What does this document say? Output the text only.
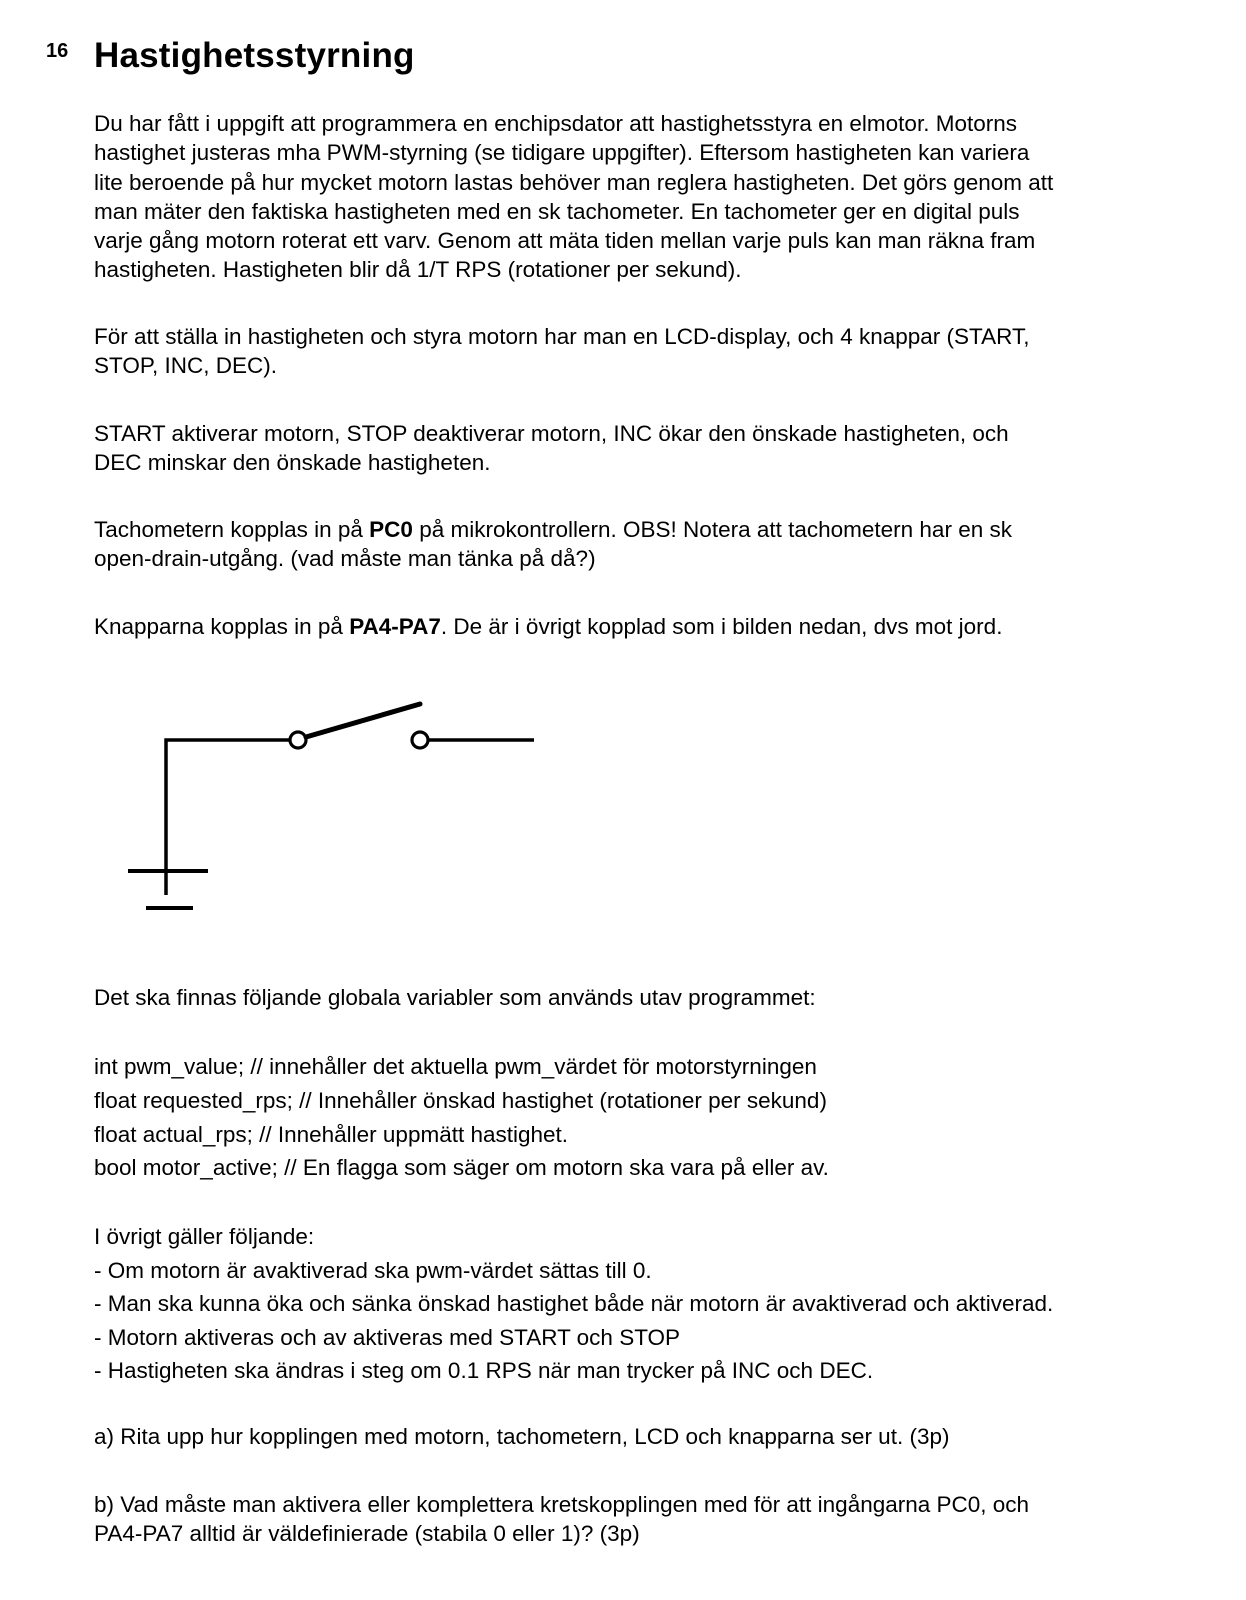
16 Hastighetsstyrning

Du har fått i uppgift att programmera en enchipsdator att hastighetsstyra en elmotor. Motorns
hastighet justeras mha PWM-styrning (se tidigare uppgifter). Eftersom hastigheten kan variera
lite beroende på hur mycket motorn lastas behöver man reglera hastigheten. Det görs genom att
man mäter den faktiska hastigheten med en sk tachometer. En tachometer ger en digital puls
varje gång motorn roterat ett varv. Genom att mäta tiden mellan varje puls kan man räkna fram
hastigheten. Hastigheten blir då 1/T RPS (rotationer per sekund).

För att ställa in hastigheten och styra motorn har man en LCD-display, och 4 knappar (START,
STOP, INC, DEC).

START aktiverar motorn, STOP deaktiverar motorn, INC ökar den önskade hastigheten, och
DEC minskar den önskade hastigheten.

Tachometern kopplas in på PC0 på mikrokontrollern. OBS! Notera att tachometern har en sk
open-drain-utgång. (vad måste man tänka på då?)

Knapparna kopplas in på PA4-PA7. De är i övrigt kopplad som i bilden nedan, dvs mot jord.

Det ska finnas följande globala variabler som används utav programmet:

int pwm_value; // innehåller det aktuella pwm_värdet för motorstyrningen
float requested_rps; // Innehåller önskad hastighet (rotationer per sekund)
float actual_rps; // Innehåller uppmätt hastighet.
bool motor_active; // En flagga som säger om motorn ska vara på eller av.
I övrigt gäller följande:
- Om motorn är avaktiverad ska pwm-värdet sättas till 0.
- Man ska kunna öka och sänka önskad hastighet både när motorn är avaktiverad och aktiverad.
- Motorn aktiveras och av aktiveras med START och STOP
- Hastigheten ska ändras i steg om 0.1 RPS när man trycker på INC och DEC.

a) Rita upp hur kopplingen med motorn, tachometern, LCD och knapparna ser ut. (3p)

b) Vad måste man aktivera eller komplettera kretskopplingen med för att ingångarna PC0, och
PA4-PA7 alltid är väldefinierade (stabila 0 eller 1)? (3p)
